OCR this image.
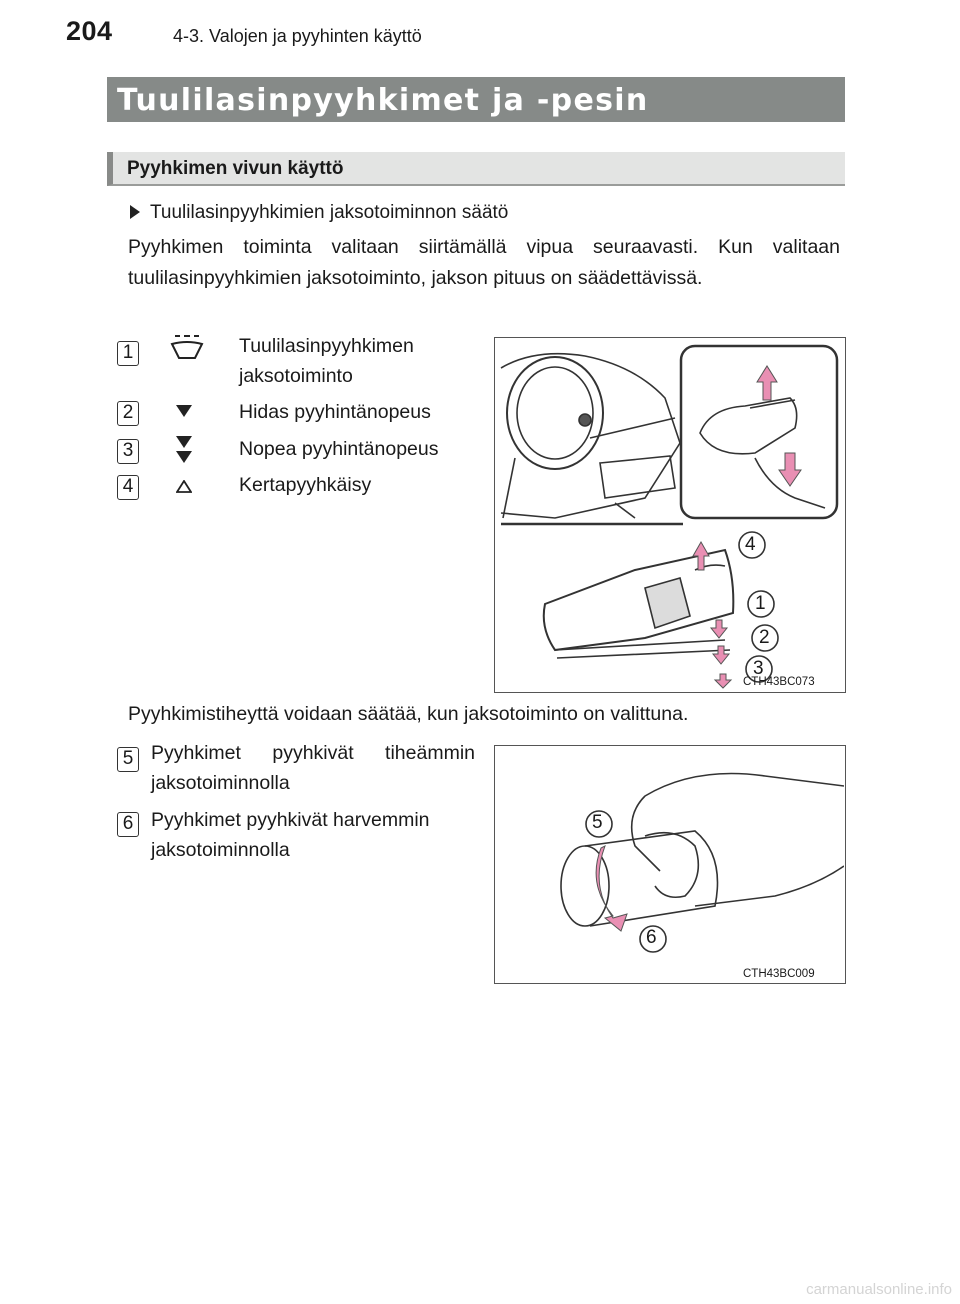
204	4-3. Valojen ja pyyhinten käyttö
Tuulilasinpyyhkimet ja -pesin
Pyyhkimen vivun käyttö
Tuulilasinpyyhkimien jaksotoiminnon säätö
Pyyhkimen toiminta valitaan siirtämällä vipua seuraavasti. Kun valitaan tuulilasinpyyhkimien jaksotoiminto, jakson pituus on säädettävissä.
1	Tuulilasinpyyhkimen
jaksotoiminto
2	Hidas pyyhintänopeus
3	Nopea pyyhintänopeus
4	Kertapyyhkäisy
4
1
2
3
CTH43BC073
Pyyhkimistiheyttä voidaan säätää, kun jaksotoiminto on valittuna.
5 Pyyhkimet pyyhkivät tiheämmin
jaksotoiminnolla
6 Pyyhkimet pyyhkivät harvemmin
jaksotoiminnolla
5
6
CTH43BC009
carmanualsonline.info
